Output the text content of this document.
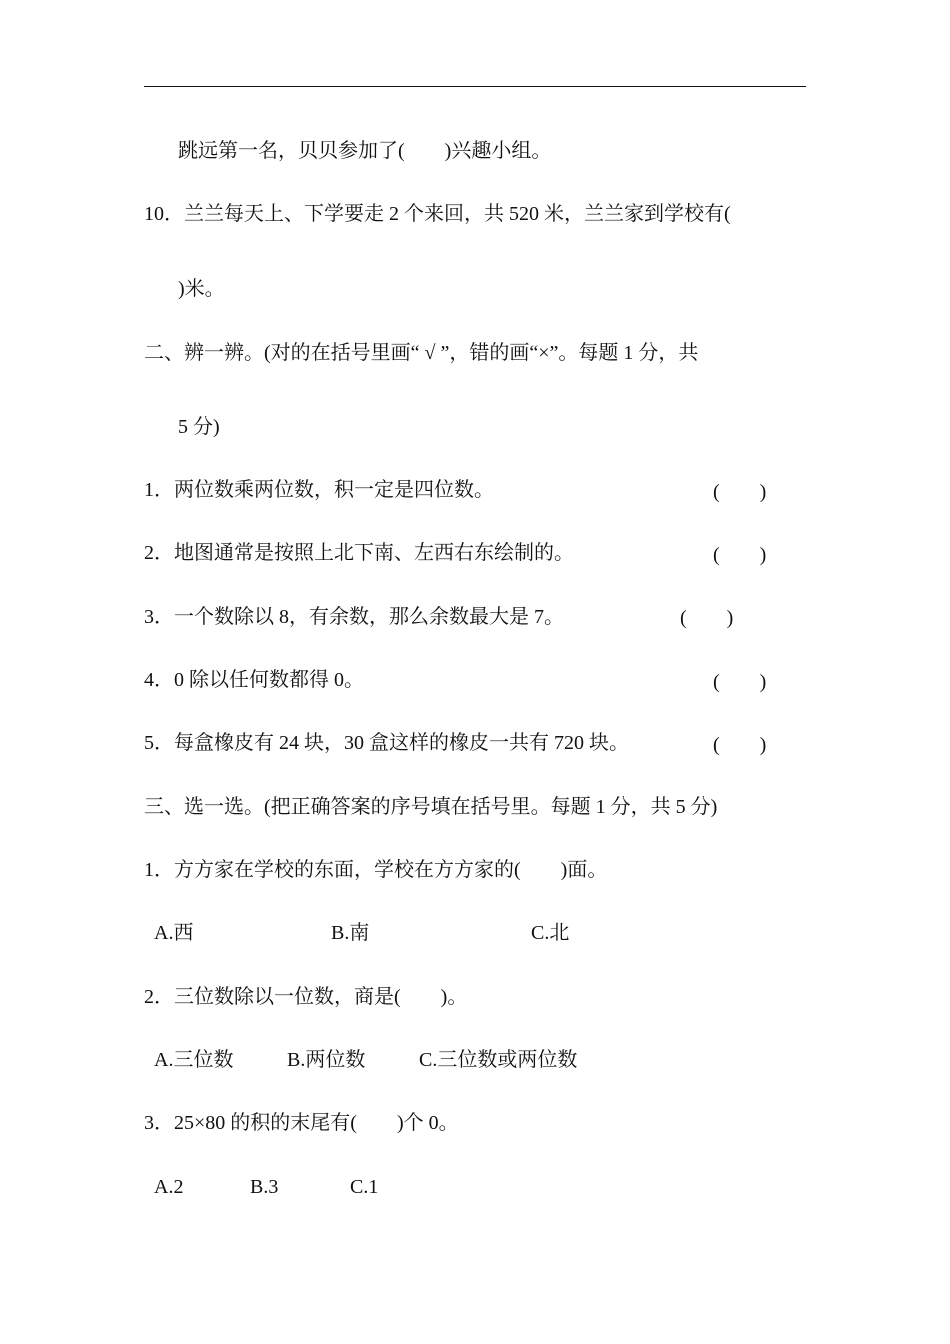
跳远第一名，贝贝参加了(        )兴趣小组。
10．兰兰每天上、下学要走 2 个来回，共 520 米，兰兰家到学校有(
)米。
二、辨一辨。(对的在括号里画“ √ ”，错的画“×”。每题 1 分，共
5 分)
1．两位数乘两位数，积一定是四位数。	(　　)
2．地图通常是按照上北下南、左西右东绘制的。	(　　)
3．一个数除以 8，有余数，那么余数最大是 7。	(　　)
4．0 除以任何数都得 0。	(　　)
5．每盒橡皮有 24 块，30 盒这样的橡皮一共有 720 块。	(　　)
三、选一选。(把正确答案的序号填在括号里。每题 1 分，共 5 分)
1．方方家在学校的东面，学校在方方家的(　　)面。
A.西	B.南	C.北
2．三位数除以一位数，商是(　　)。
A.三位数	B.两位数	C.三位数或两位数
3．25×80 的积的末尾有(　　)个 0。
A.2	B.3	C.1
